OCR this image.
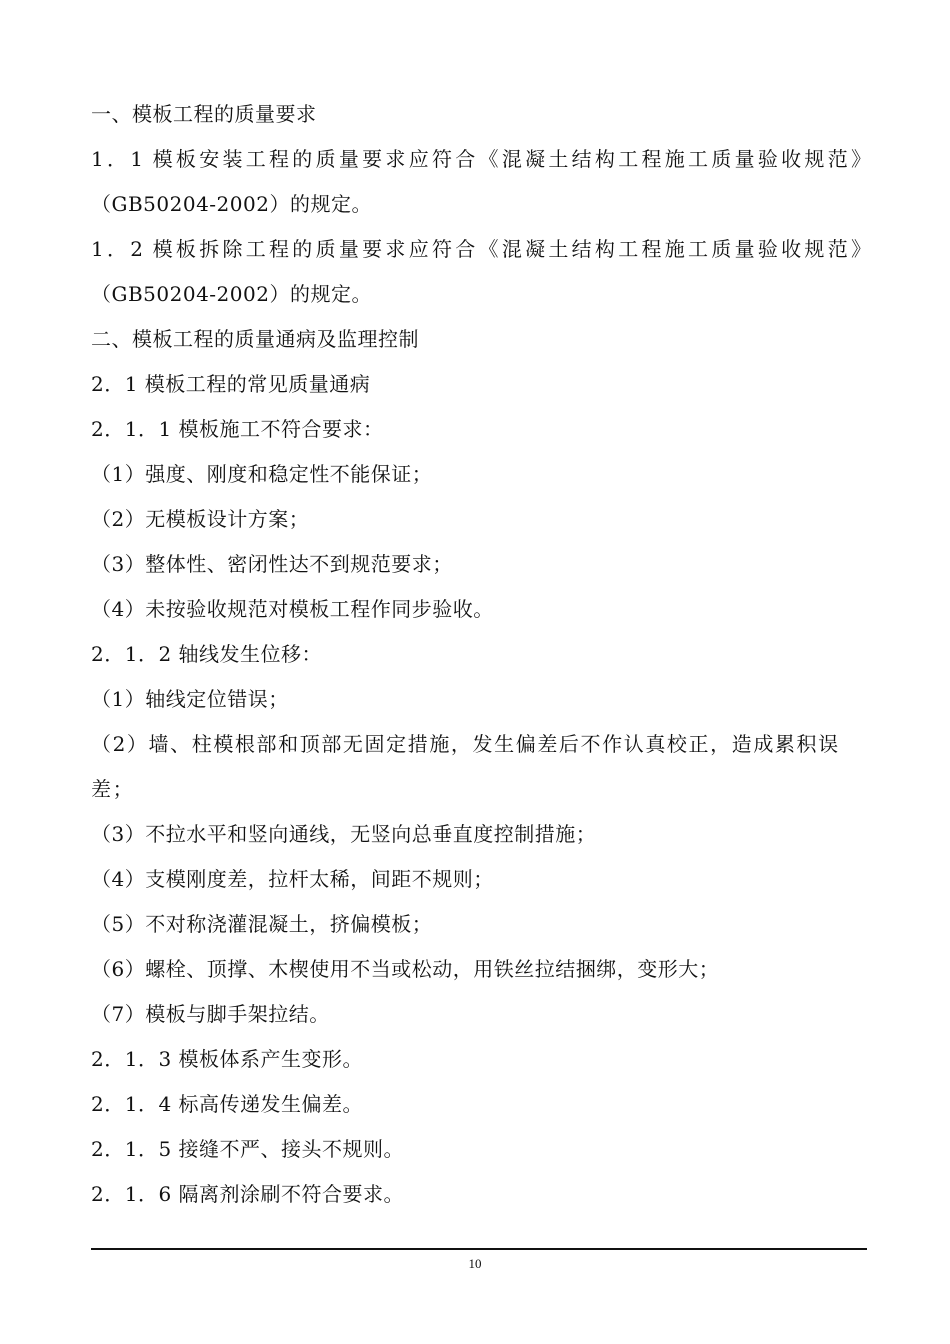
一、模板工程的质量要求
1．1 模板安装工程的质量要求应符合《混凝土结构工程施工质量验收规范》
（GB50204-2002）的规定。
1．2 模板拆除工程的质量要求应符合《混凝土结构工程施工质量验收规范》
（GB50204-2002）的规定。
二、模板工程的质量通病及监理控制
2．1 模板工程的常见质量通病
2．1．1 模板施工不符合要求：
（1）强度、刚度和稳定性不能保证；
（2）无模板设计方案；
（3）整体性、密闭性达不到规范要求；
（4）未按验收规范对模板工程作同步验收。
2．1．2 轴线发生位移：
（1）轴线定位错误；
（2）墙、柱模根部和顶部无固定措施，发生偏差后不作认真校正，造成累积误差；
（3）不拉水平和竖向通线，无竖向总垂直度控制措施；
（4）支模刚度差，拉杆太稀，间距不规则；
（5）不对称浇灌混凝土，挤偏模板；
（6）螺栓、顶撑、木楔使用不当或松动，用铁丝拉结捆绑，变形大；
（7）模板与脚手架拉结。
2．1．3 模板体系产生变形。
2．1．4 标高传递发生偏差。
2．1．5 接缝不严、接头不规则。
2．1．6 隔离剂涂刷不符合要求。
10
